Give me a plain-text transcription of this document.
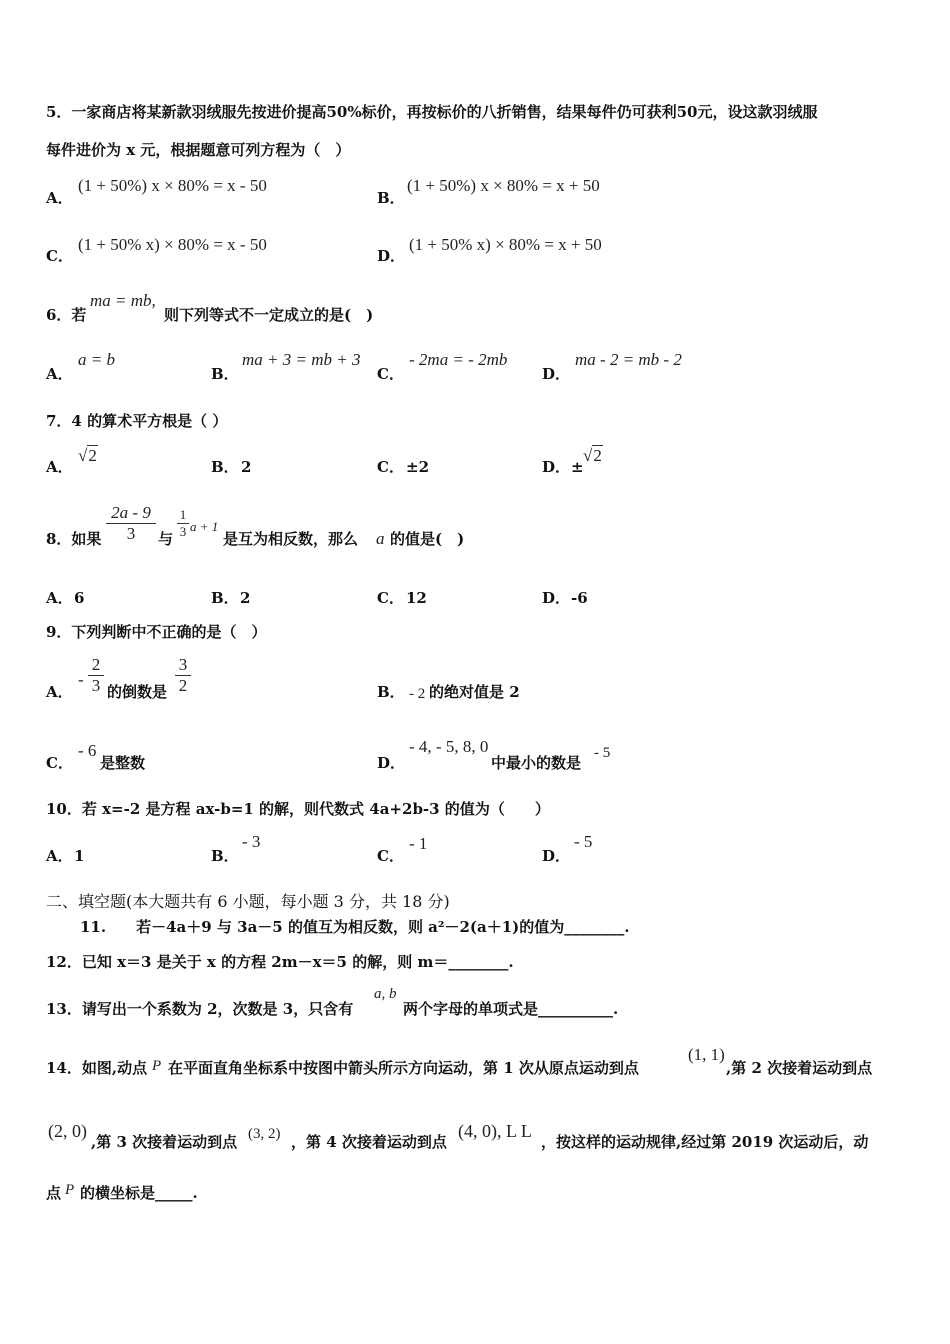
5．一家商店将某新款羽绒服先按进价提高50%标价，再按标价的八折销售，结果每件仍可获利50元，设这款羽绒服
每件进价为 x 元，根据题意可列方程为（　）
A．
(1 + 50%) x × 80% = x - 50
B．
(1 + 50%) x × 80% = x + 50
C．
(1 + 50% x) × 80% = x - 50
D．
(1 + 50% x) × 80% = x + 50
6．若
ma = mb,
则下列等式不一定成立的是(　)
A．
a = b
B．
ma + 3 = mb + 3
C．
- 2ma = - 2mb
D．
ma - 2 = mb - 2
7．4 的算术平方根是（ ）
A．
√2
B． 2	C． ±2	D． ±
√2
8．如果
2a - 9
3	与
1
3 a + 1
是互为相反数，那么 a 的值是(　)
A． 6	B． 2	C． 12	D． -6
9．下列判断中不正确的是（　）
A．
-
2
3 的倒数是
3
2	B． - 2 的绝对值是 2
C．
- 6
是整数	D．
- 4, - 5, 8, 0
中最小的数是
- 5
10．若 x=-2 是方程 ax-b=1 的解，则代数式 4a+2b-3 的值为（　　）
A． 1	B．
- 3
C．
- 1
D．
- 5
二、填空题(本大题共有 6 小题，每小题 3 分，共 18 分)
11.　　若－4a＋9 与 3a－5 的值互为相反数，则 a²－2(a＋1)的值为________.
12．已知 x＝3 是关于 x 的方程 2m－x＝5 的解，则 m＝________.
13．请写出一个系数为 2，次数是 3，只含有
a, b
两个字母的单项式是__________.
14．如图,动点 P 在平面直角坐标系中按图中箭头所示方向运动，第 1 次从原点运动到点
(1, 1)
,第 2 次接着运动到点
(2, 0)
,第 3 次接着运动到点 (3, 2) ，第 4 次接着运动到点
(4, 0), L L
，按这样的运动规律,经过第 2019 次运动后，动
点 P 的横坐标是_____.
